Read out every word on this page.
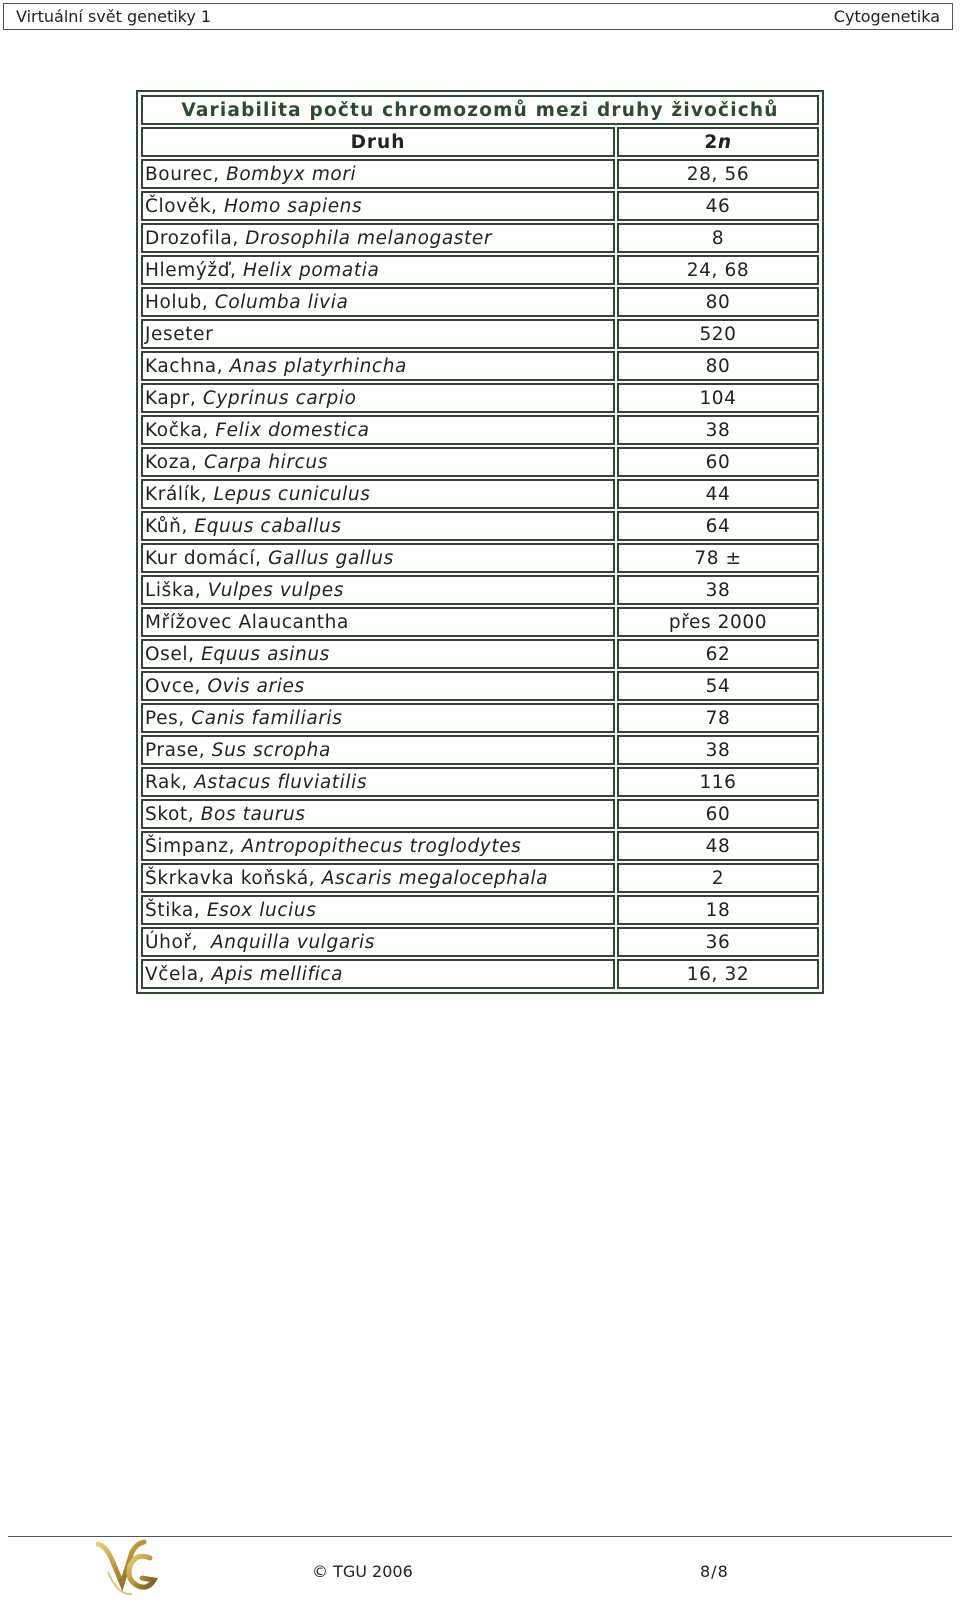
Virtuální svět genetiky 1	Cytogenetika
Variabilita počtu chromozomů mezi druhy živočichů	
Druh	2n
Bourec, Bombyx mori	28, 56
Člověk, Homo sapiens	46
Drozofila, Drosophila melanogaster	8
Hlemýžď, Helix pomatia	24, 68
Holub, Columba livia	80
Jeseter	520
Kachna, Anas platyrhincha	80
Kapr, Cyprinus carpio	104
Kočka, Felix domestica	38
Koza, Carpa hircus	60
Králík, Lepus cuniculus	44
Kůň, Equus caballus	64
Kur domácí, Gallus gallus	78 ±
Liška, Vulpes vulpes	38
Mřížovec Alaucantha	přes 2000
Osel, Equus asinus	62
Ovce, Ovis aries	54
Pes, Canis familiaris	78
Prase, Sus scropha	38
Rak, Astacus fluviatilis	116
Skot, Bos taurus	60
Šimpanz, Antropopithecus troglodytes	48
Škrkavka koňská, Ascaris megalocephala	2
Štika, Esox lucius	18
Úhoř,  Anquilla vulgaris	36
Včela, Apis mellifica	16, 32
© TGU 2006	8/8
